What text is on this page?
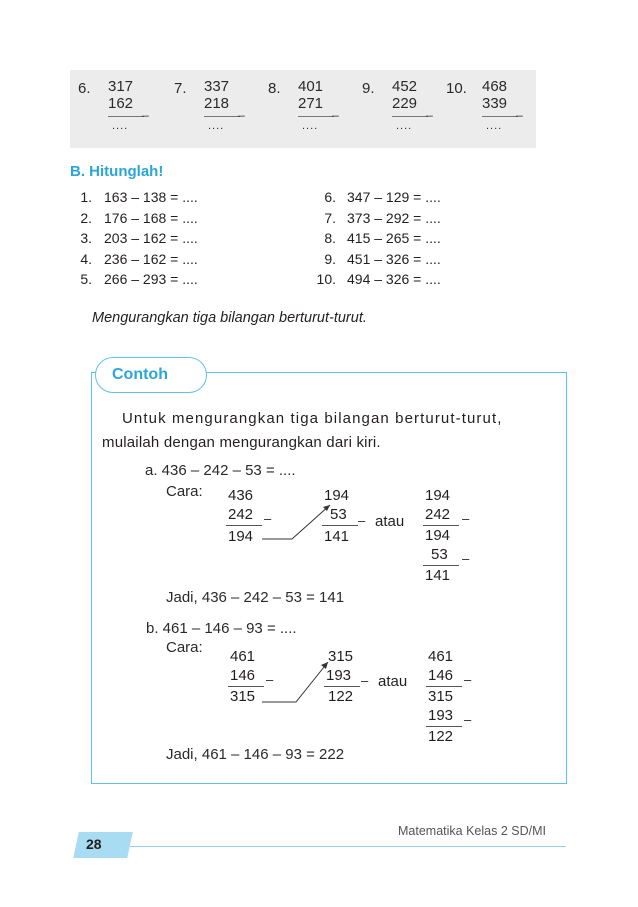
6. 317
162 _
....
7. 337
218 _
....
8. 401
271 _
....
9. 452
229 _
....
10. 468
339 _
....
B. Hitunglah!
1. 163 – 138 = ....
2. 176 – 168 = ....
3. 203 – 162 = ....
4. 236 – 162 = ....
5. 266 – 293 = ....
6. 347 – 129 = ....
7. 373 – 292 = ....
8. 415 – 265 = ....
9. 451 – 326 = ....
10. 494 – 326 = ....
Mengurangkan tiga bilangan berturut-turut.
Contoh
Untuk mengurangkan tiga bilangan berturut-turut,
mulailah dengan mengurangkan dari kiri.
a. 436 – 242 – 53 = ....
Cara: 436
242 –
194
194
53 –
141
atau
194
242 –
194
53 –
141
Jadi, 436 – 242 – 53 = 141
b. 461 – 146 – 93 = ....
Cara:
461
146 –
315
315
193 –
122
atau
461
146 –
315
193 –
122
Jadi, 461 – 146 – 93 = 222
Matematika Kelas 2 SD/MI
28
